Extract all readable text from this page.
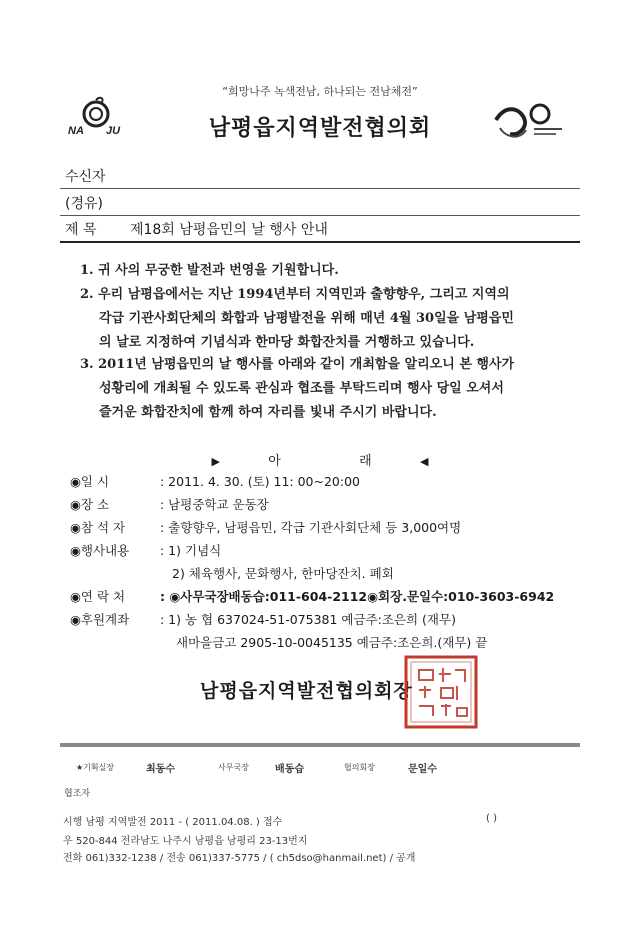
“희망나주 녹색전남, 하나되는 전남체전”
NA JU	남평읍지역발전협의회
수신자
(경유)
제 목 제18회 남평읍민의 날 행사 안내
1. 귀 사의 무궁한 발전과 번영을 기원합니다.
2. 우리 남평읍에서는 지난 1994년부터 지역민과 출향향우, 그리고 지역의
각급 기관사회단체의 화합과 남평발전을 위해 매년 4월 30일을 남평읍민
의 날로 지정하여 기념식과 한마당 화합잔치를 거행하고 있습니다.
3. 2011년 남평읍민의 날 행사를 아래와 같이 개최함을 알리오니 본 행사가
성황리에 개최될 수 있도록 관심과 협조를 부탁드리며 행사 당일 오셔서
즐거운 화합잔치에 함께 하여 자리를 빛내 주시기 바랍니다.
▶	아	래	◀
◉일 시	: 2011. 4. 30. (토) 11: 00~20:00
◉장 소	: 남평중학교 운동장
◉참 석 자	: 출향향우, 남평읍민, 각급 기관사회단체 등 3,000여명
◉행사내용 : 1) 기념식
2) 체육행사, 문화행사, 한마당잔치. 폐회
◉연 락 처	: ◉사무국장배동습:011-604-2112◉회장.문일수:010-3603-6942
◉후원계좌 : 1) 농 협 637024-51-075381 예금주:조은희 (재무)
새마을금고 2905-10-0045135 예금주:조은희.(재무) 끝
남평읍지역발전협의회장
★기획실장	최동수	사무국장	배동습	협의회장	문일수
협조자
시행 남평 지역발전 2011 - ( 2011.04.08. ) 접수	( )
우 520-844 전라남도 나주시 남평읍 남평리 23-13번지
전화 061)332-1238 / 전송 061)337-5775 / ( ch5dso@hanmail.net) / 공개
